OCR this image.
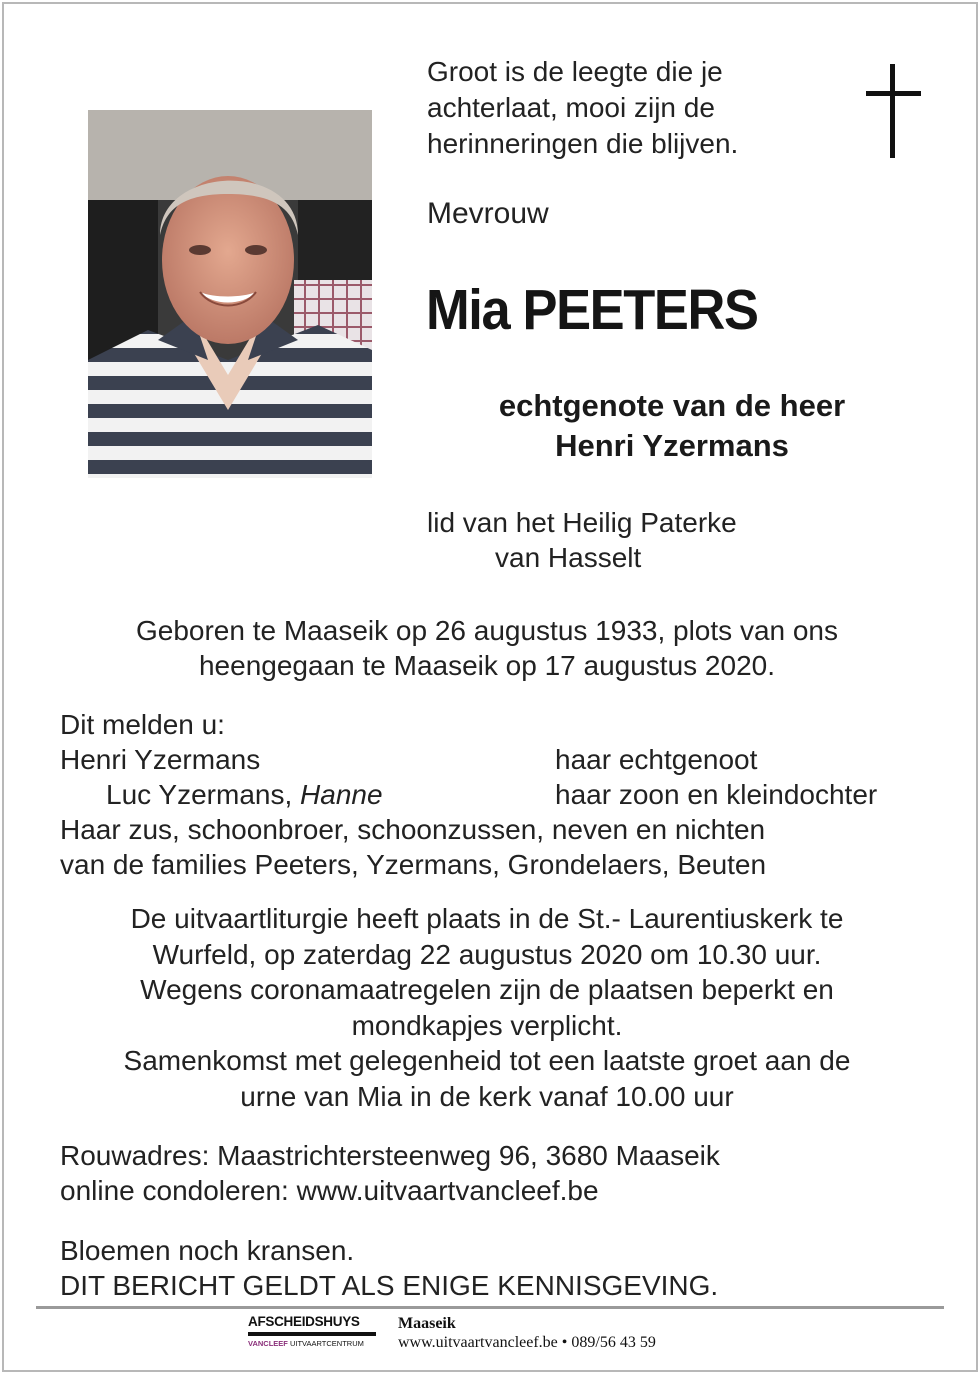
Groot is de leegte die je
achterlaat, mooi zijn de
herinneringen die blijven.
Mevrouw
Mia PEETERS
echtgenote van de heer
Henri Yzermans
lid van het Heilig Paterke
van Hasselt
Geboren te Maaseik op 26 augustus 1933, plots van ons
heengegaan te Maaseik op 17 augustus 2020.
Dit melden u:
Henri Yzermans	haar echtgenoot
Luc Yzermans, Hanne	haar zoon en kleindochter
Haar zus, schoonbroer, schoonzussen, neven en nichten
van de families Peeters, Yzermans, Grondelaers, Beuten
De uitvaartliturgie heeft plaats in de St.- Laurentiuskerk te
Wurfeld, op zaterdag 22 augustus 2020 om 10.30 uur.
Wegens coronamaatregelen zijn de plaatsen beperkt en
mondkapjes verplicht.
Samenkomst met gelegenheid tot een laatste groet aan de
urne van Mia in de kerk vanaf 10.00 uur
Rouwadres: Maastrichtersteenweg 96, 3680 Maaseik
online condoleren: www.uitvaartvancleef.be
Bloemen noch kransen.
DIT BERICHT GELDT ALS ENIGE KENNISGEVING.
AFSCHEIDSHUYS
VANCLEEF UITVAARTCENTRUM
Maaseik
www.uitvaartvancleef.be • 089/56 43 59
